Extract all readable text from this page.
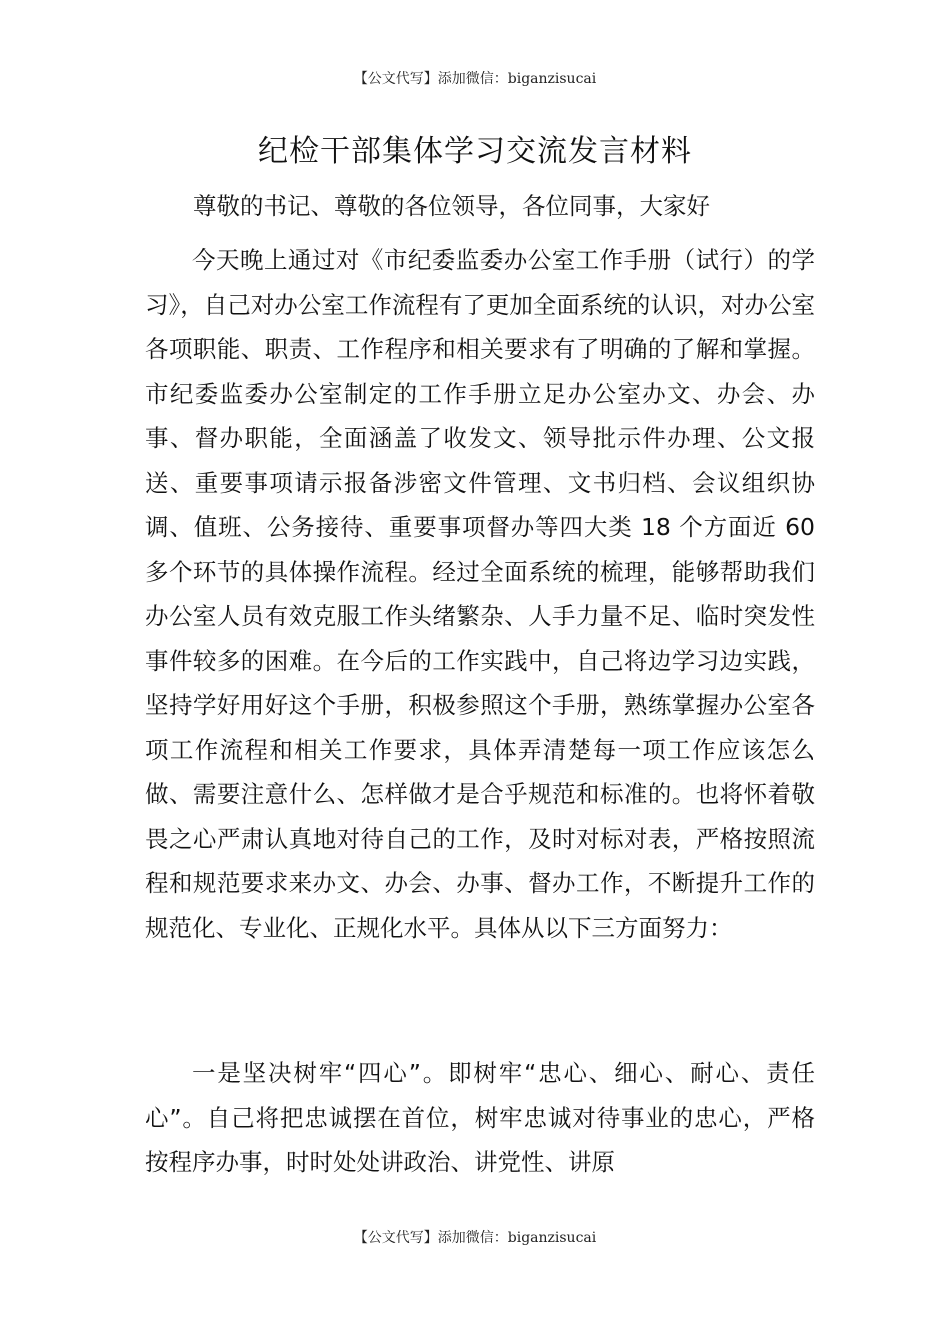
【公文代写】添加微信：biganzisucai
纪检干部集体学习交流发言材料
尊敬的书记、尊敬的各位领导，各位同事，大家好

今天晚上通过对《市纪委监委办公室工作手册（试行）的学习》，自己对办公室工作流程有了更加全面系统的认识，对办公室各项职能、职责、工作程序和相关要求有了明确的了解和掌握。市纪委监委办公室制定的工作手册立足办公室办文、办会、办事、督办职能，全面涵盖了收发文、领导批示件办理、公文报送、重要事项请示报备涉密文件管理、文书归档、会议组织协调、值班、公务接待、重要事项督办等四大类 18 个方面近 60 多个环节的具体操作流程。经过全面系统的梳理，能够帮助我们办公室人员有效克服工作头绪繁杂、人手力量不足、临时突发性事件较多的困难。在今后的工作实践中，自己将边学习边实践，坚持学好用好这个手册，积极参照这个手册，熟练掌握办公室各项工作流程和相关工作要求，具体弄清楚每一项工作应该怎么做、需要注意什么、怎样做才是合乎规范和标准的。也将怀着敬畏之心严肃认真地对待自己的工作，及时对标对表，严格按照流程和规范要求来办文、办会、办事、督办工作，不断提升工作的规范化、专业化、正规化水平。具体从以下三方面努力：

一是坚决树牢“四心”。即树牢“忠心、细心、耐心、责任心”。自己将把忠诚摆在首位，树牢忠诚对待事业的忠心，严格按程序办事，时时处处讲政治、讲党性、讲原

【公文代写】添加微信：biganzisucai
